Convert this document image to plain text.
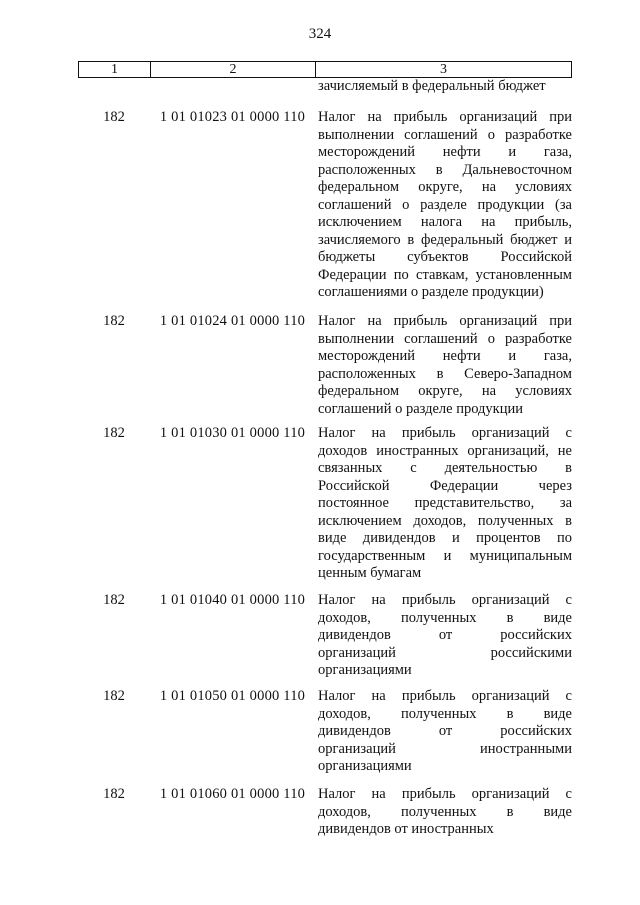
324
1	2	3
зачисляемый в федеральный бюджет
182	1 01 01023 01 0000 110 Налог на прибыль организаций при
выполнении соглашений о разработке
месторождений нефти и газа,
расположенных в Дальневосточном
федеральном округе, на условиях
соглашений о разделе продукции (за
исключением налога на прибыль,
зачисляемого в федеральный бюджет и
бюджеты субъектов Российской
Федерации по ставкам, установленным
соглашениями о разделе продукции)
182	1 01 01024 01 0000 110 Налог на прибыль организаций при
выполнении соглашений о разработке
месторождений нефти и газа,
расположенных в Северо-Западном
федеральном округе, на условиях
соглашений о разделе продукции
182	1 01 01030 01 0000 110 Налог на прибыль организаций с
доходов иностранных организаций, не
связанных с деятельностью в
Российской Федерации через
постоянное представительство, за
исключением доходов, полученных в
виде дивидендов и процентов по
государственным и муниципальным
ценным бумагам
182	1 01 01040 01 0000 110 Налог на прибыль организаций с
доходов, полученных в виде
дивидендов от российских
организаций российскими
организациями
182	1 01 01050 01 0000 110 Налог на прибыль организаций с
доходов, полученных в виде
дивидендов от российских
организаций иностранными
организациями
182	1 01 01060 01 0000 110 Налог на прибыль организаций с
доходов, полученных в виде
дивидендов от иностранных
